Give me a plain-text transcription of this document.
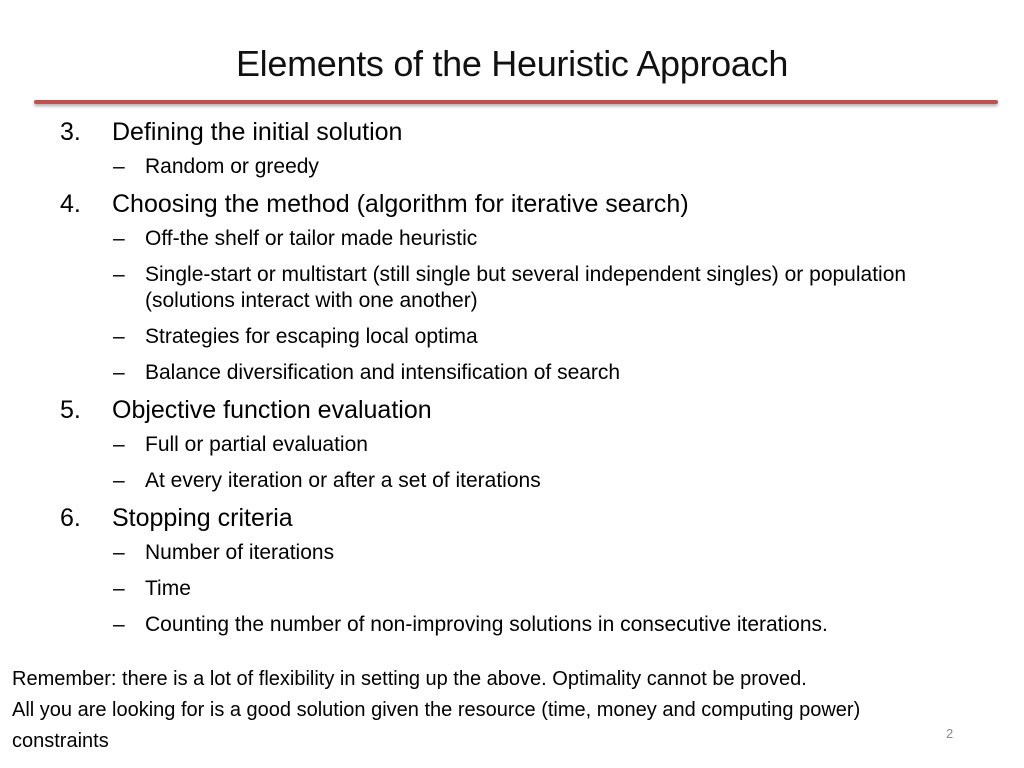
Elements of the Heuristic Approach
3. Defining the initial solution
– Random or greedy
4. Choosing the method (algorithm for iterative search)
– Off-the shelf or tailor made heuristic
– Single-start or multistart (still single but several independent singles) or population (solutions interact with one another)
– Strategies for escaping local optima
– Balance diversification and intensification of search
5. Objective function evaluation
– Full or partial evaluation
– At every iteration or after a set of iterations
6. Stopping criteria
– Number of iterations
– Time
– Counting the number of non-improving solutions in consecutive iterations.
Remember: there is a lot of flexibility in setting up the above. Optimality cannot be proved.
All you are looking for is a good solution given the resource (time, money and computing power)
constraints	2
